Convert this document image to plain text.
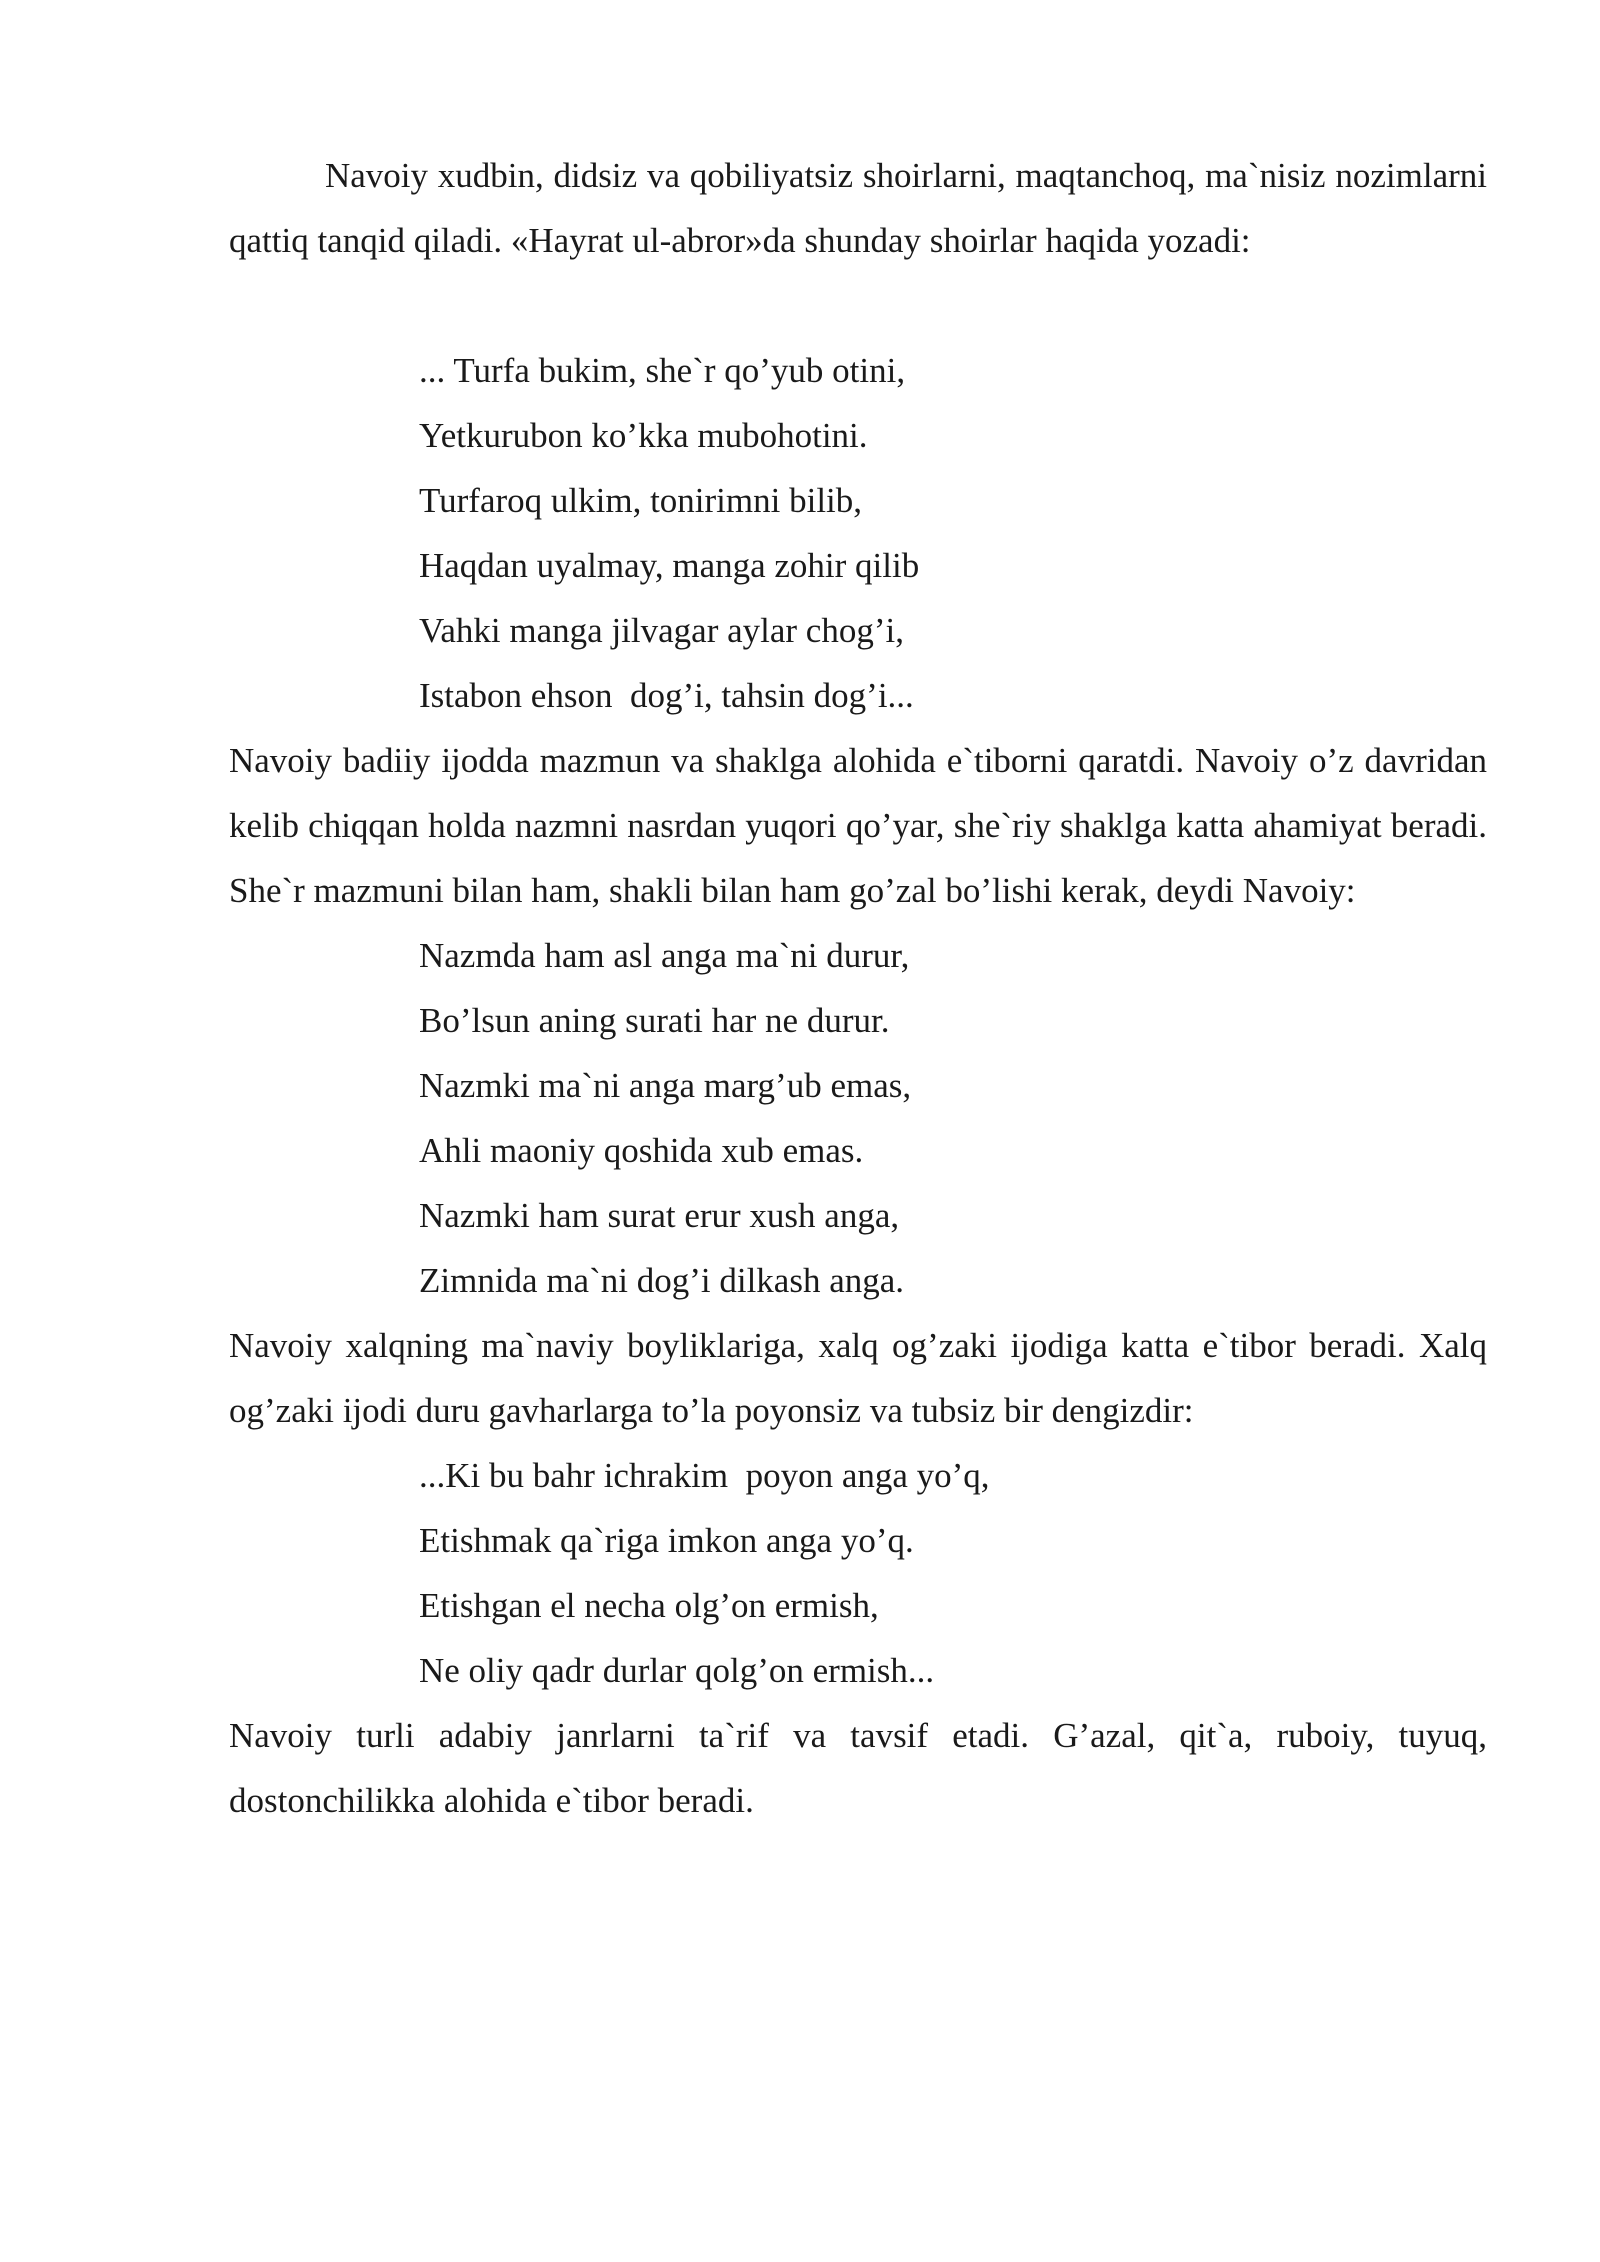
Navoiy xudbin, didsiz va qobiliyatsiz shoirlarni, maqtanchoq, ma`nisiz nozimlarni qattiq tanqid qiladi. «Hayrat ul-abror»da shunday shoirlar haqida yozadi:

... Turfa bukim, she`r qo’yub otini,
Yetkurubon ko’kka mubohotini.
Turfaroq ulkim, tonirimni bilib,
Haqdan uyalmay, manga zohir qilib
Vahki manga jilvagar aylar chog’i,
Istabon ehson  dog’i, tahsin dog’i...

Navoiy badiiy ijodda mazmun va shaklga alohida e`tiborni qaratdi. Navoiy o’z davridan kelib chiqqan holda nazmni nasrdan yuqori qo’yar, she`riy shaklga katta ahamiyat beradi. She`r mazmuni bilan ham, shakli bilan ham go’zal bo’lishi kerak, deydi Navoiy:

Nazmda ham asl anga ma`ni durur,
Bo’lsun aning surati har ne durur.
Nazmki ma`ni anga marg’ub emas,
Ahli maoniy qoshida xub emas.
Nazmki ham surat erur xush anga,
Zimnida ma`ni dog’i dilkash anga.

Navoiy xalqning ma`naviy boyliklariga, xalq og’zaki ijodiga katta e`tibor beradi. Xalq og’zaki ijodi duru gavharlarga to’la poyonsiz va tubsiz bir dengizdir:

...Ki bu bahr ichrakim  poyon anga yo’q,
Etishmak qa`riga imkon anga yo’q.
Etishgan el necha olg’on ermish,
Ne oliy qadr durlar qolg’on ermish...

Navoiy turli adabiy janrlarni ta`rif va tavsif etadi. G’azal, qit`a, ruboiy, tuyuq, dostonchilikka alohida e`tibor beradi.
